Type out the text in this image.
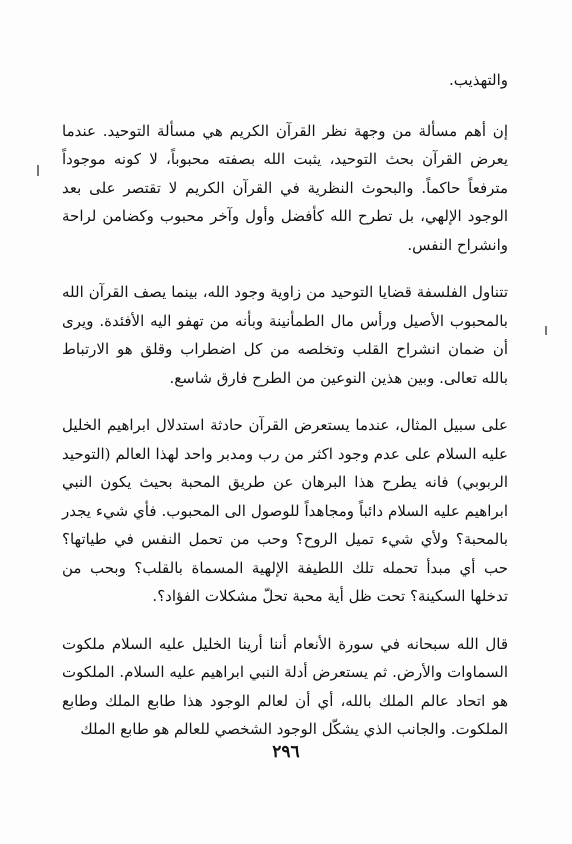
والتهذيب.

إن أهم مسألة من وجهة نظر القرآن الكريم هي مسألة التوحيد. عندما يعرض القرآن بحث التوحيد، يثبت الله بصفته محبوباً، لا كونه موجوداً مترفعاً حاكماً. والبحوث النظرية في القرآن الكريم لا تقتصر على بعد الوجود الإلهي، بل تطرح الله كأفضل وأول وآخر محبوب وكضامن لراحة وانشراح النفس.

تتناول الفلسفة قضايا التوحيد من زاوية وجود الله، بينما يصف القرآن الله بالمحبوب الأصيل ورأس مال الطمأنينة وبأنه من تهفو اليه الأفئدة. ويرى أن ضمان انشراح القلب وتخلصه من كل اضطراب وقلق هو الارتباط بالله تعالى. وبين هذين النوعين من الطرح فارق شاسع.

على سبيل المثال، عندما يستعرض القرآن حادثة استدلال ابراهيم الخليل عليه السلام على عدم وجود اكثر من رب ومدبر واحد لهذا العالم (التوحيد الربوبي) فانه يطرح هذا البرهان عن طريق المحبة بحيث يكون النبي ابراهيم عليه السلام دائباً ومجاهداً للوصول الى المحبوب. فأي شيء يجدر بالمحبة؟ ولأي شيء تميل الروح؟ وحب من تحمل النفس في طياتها؟ حب أي مبدأ تحمله تلك اللطيفة الإلهية المسماة بالقلب؟ وبحب من تدخلها السكينة؟ تحت ظل أية محبة تحلّ مشكلات الفؤاد؟.

قال الله سبحانه في سورة الأنعام أننا أرينا الخليل عليه السلام ملكوت السماوات والأرض. ثم يستعرض أدلة النبي ابراهيم عليه السلام. الملكوت هو اتحاد عالم الملك بالله، أي أن لعالم الوجود هذا طابع الملك وطابع الملكوت. والجانب الذي يشكّل الوجود الشخصي للعالم هو طابع الملك

٢٩٦
